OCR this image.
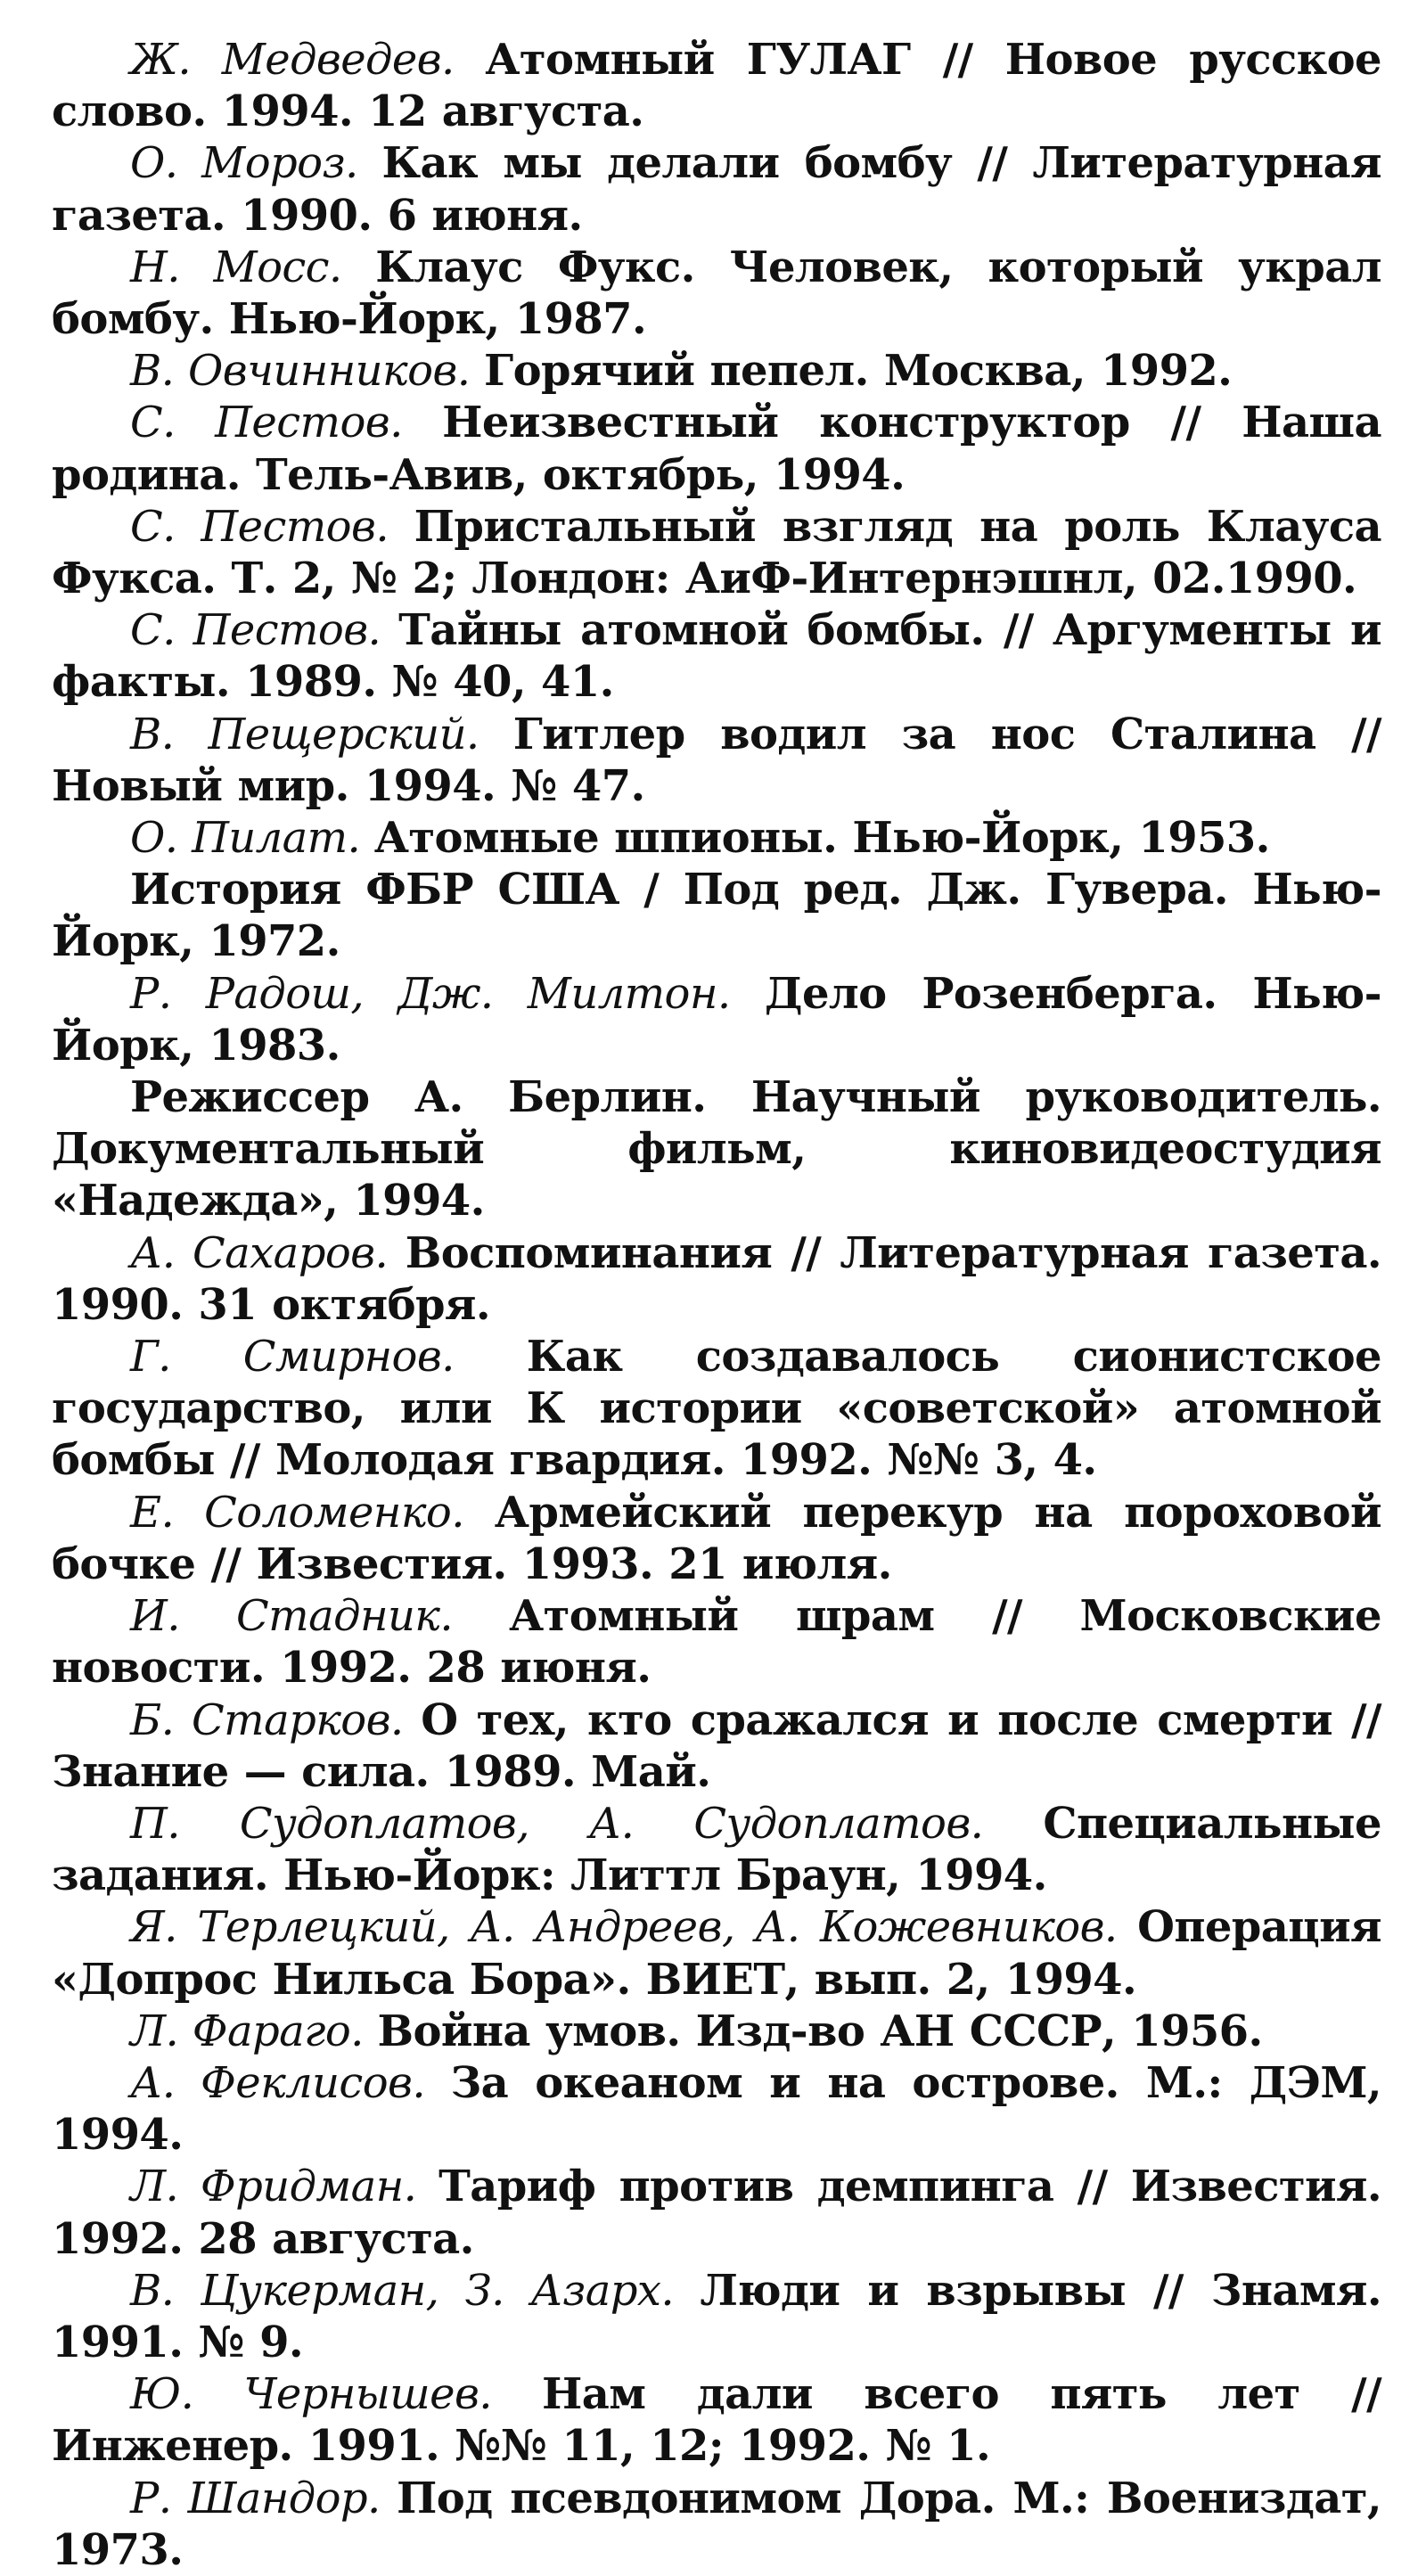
Ж. Медведев. Атомный ГУЛАГ // Новое русское слово. 1994. 12 августа.
О. Мороз. Как мы делали бомбу // Литературная газета. 1990. 6 июня.
Н. Мосс. Клаус Фукс. Человек, который украл бомбу. Нью-Йорк, 1987.
В. Овчинников. Горячий пепел. Москва, 1992.
С. Пестов. Неизвестный конструктор // Наша родина. Тель-Авив, октябрь, 1994.
С. Пестов. Пристальный взгляд на роль Клауса Фукса. Т. 2, № 2; Лондон: АиФ-Интернэшнл, 02.1990.
С. Пестов. Тайны атомной бомбы. // Аргументы и факты. 1989. № 40, 41.
В. Пещерский. Гитлер водил за нос Сталина // Новый мир. 1994. № 47.
О. Пилат. Атомные шпионы. Нью-Йорк, 1953.
История ФБР США / Под ред. Дж. Гувера. Нью-Йорк, 1972.
Р. Радош, Дж. Милтон. Дело Розенберга. Нью-Йорк, 1983.
Режиссер А. Берлин. Научный руководитель. Документальный фильм, киновидеостудия «Надежда», 1994.
А. Сахаров. Воспоминания // Литературная газета. 1990. 31 октября.
Г. Смирнов. Как создавалось сионистское государство, или К истории «советской» атомной бомбы // Молодая гвардия. 1992. №№ 3, 4.
Е. Соломенко. Армейский перекур на пороховой бочке // Известия. 1993. 21 июля.
И. Стадник. Атомный шрам // Московские новости. 1992. 28 июня.
Б. Старков. О тех, кто сражался и после смерти // Знание — сила. 1989. Май.
П. Судоплатов, А. Судоплатов. Специальные задания. Нью-Йорк: Литтл Браун, 1994.
Я. Терлецкий, А. Андреев, А. Кожевников. Операция «Допрос Нильса Бора». ВИЕТ, вып. 2, 1994.
Л. Фараго. Война умов. Изд-во АН СССР, 1956.
А. Феклисов. За океаном и на острове. М.: ДЭМ, 1994.
Л. Фридман. Тариф против демпинга // Известия. 1992. 28 августа.
В. Цукерман, З. Азарх. Люди и взрывы // Знамя. 1991. № 9.
Ю. Чернышев. Нам дали всего пять лет // Инженер. 1991. №№ 11, 12; 1992. № 1.
Р. Шандор. Под псевдонимом Дора. М.: Воениздат, 1973.
